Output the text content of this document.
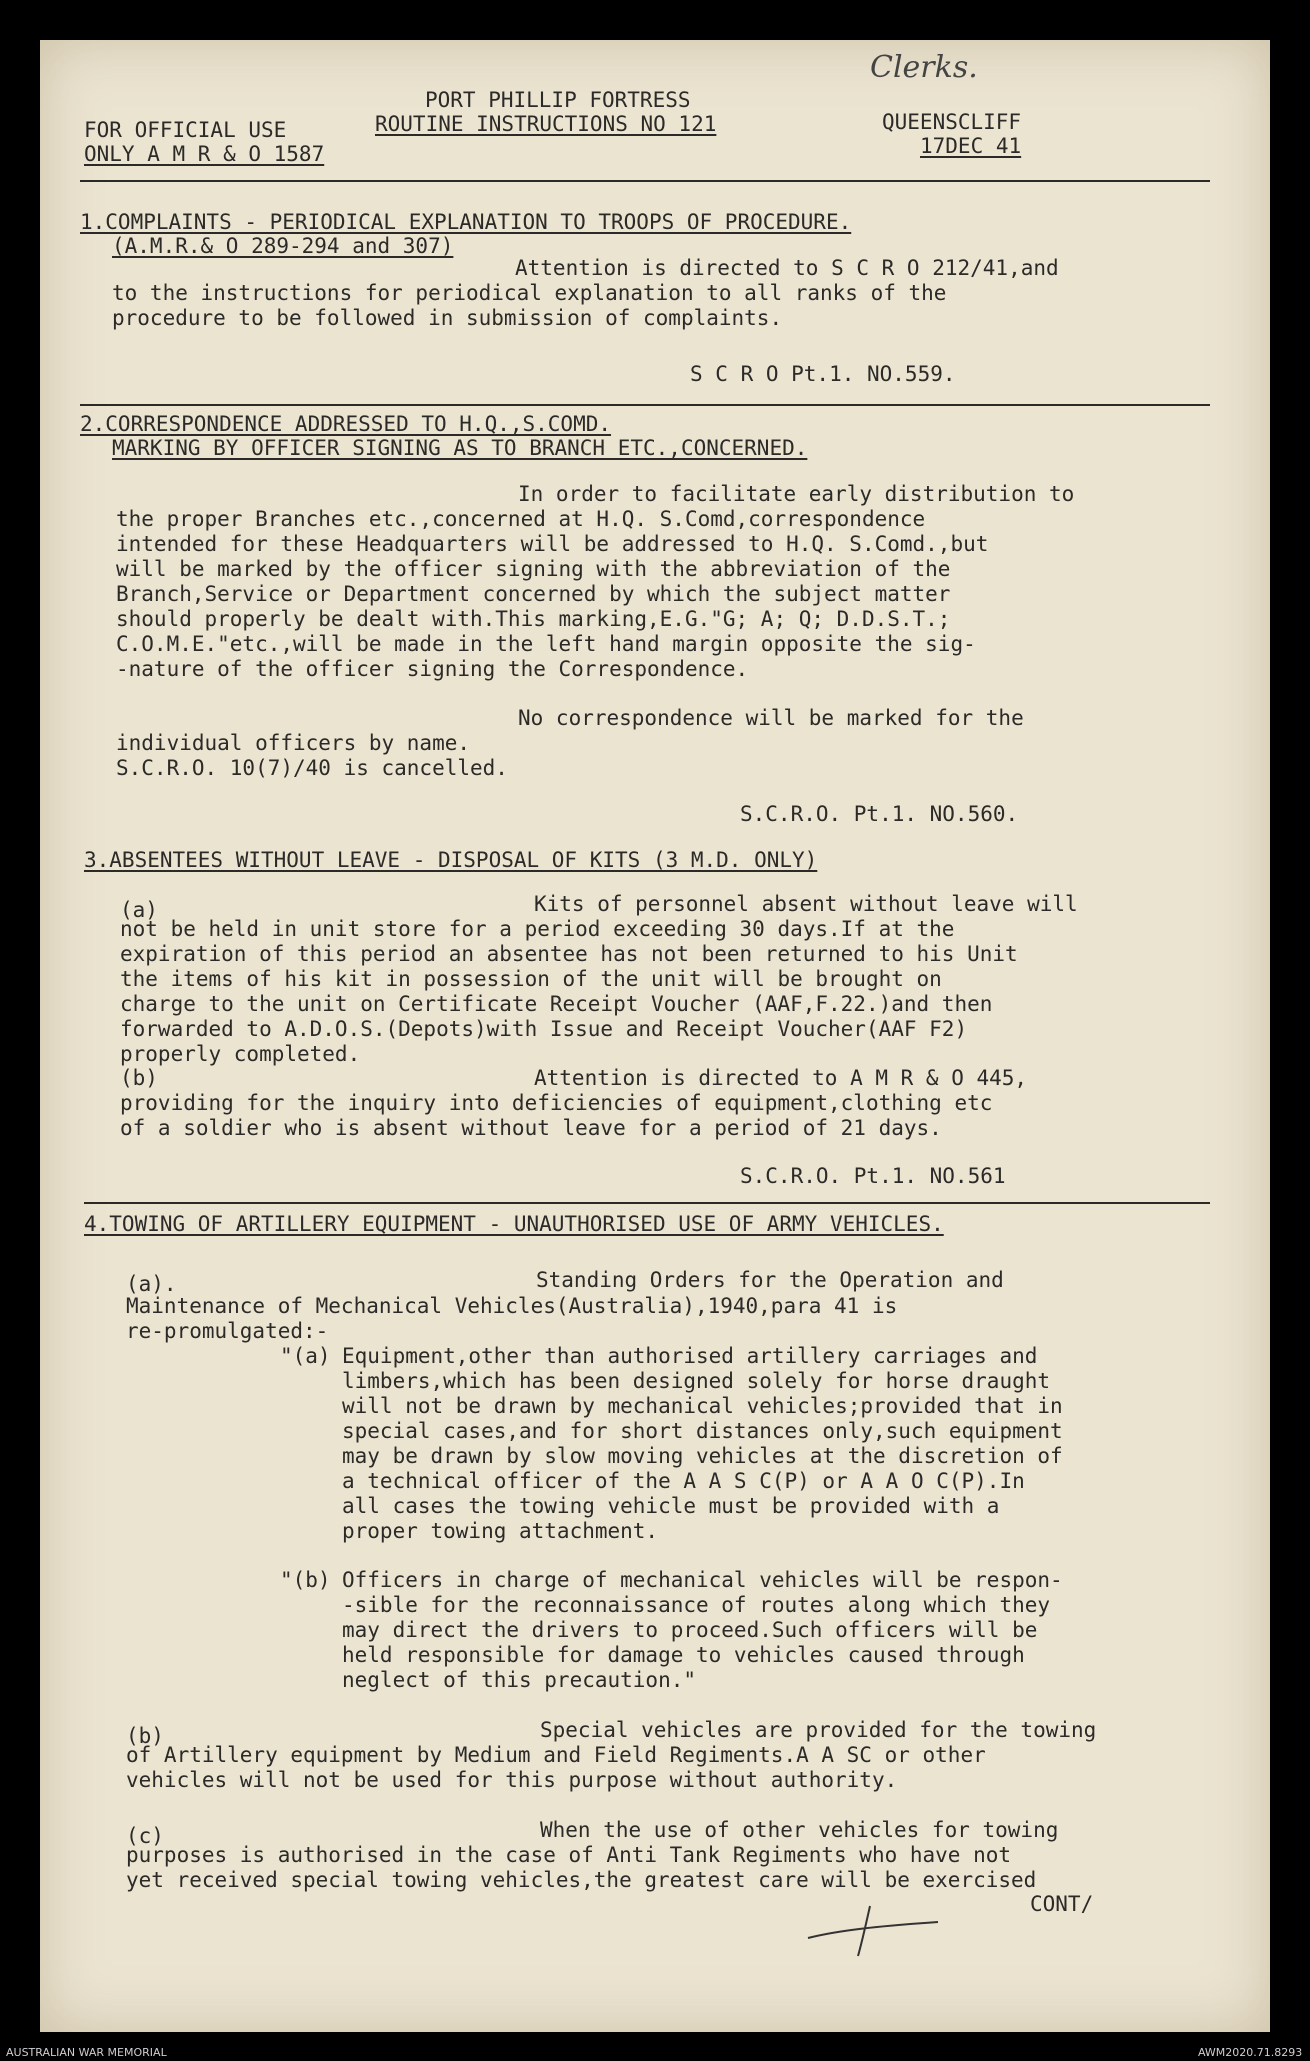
FOR OFFICIAL USE
ONLY A M R & O 1587
PORT PHILLIP FORTRESS
ROUTINE INSTRUCTIONS NO 121	QUEENSCLIFF
17DEC 41
Clerks.
1.COMPLAINTS - PERIODICAL EXPLANATION TO TROOPS OF PROCEDURE.
(A.M.R.& O 289-294 and 307)
Attention is directed to S C R O 212/41,and
to the instructions for periodical explanation to all ranks of the
procedure to be followed in submission of complaints.
S C R O Pt.1. NO.559.
2.CORRESPONDENCE ADDRESSED TO H.Q.,S.COMD.
MARKING BY OFFICER SIGNING AS TO BRANCH ETC.,CONCERNED.
In order to facilitate early distribution to
the proper Branches etc.,concerned at H.Q. S.Comd,correspondence
intended for these Headquarters will be addressed to H.Q. S.Comd.,but
will be marked by the officer signing with the abbreviation of the
Branch,Service or Department concerned by which the subject matter
should properly be dealt with.This marking,E.G."G; A; Q; D.D.S.T.;
C.O.M.E."etc.,will be made in the left hand margin opposite the sig-
-nature of the officer signing the Correspondence.
No correspondence will be marked for the
individual officers by name.
S.C.R.O. 10(7)/40 is cancelled.
S.C.R.O. Pt.1. NO.560.
3.ABSENTEES WITHOUT LEAVE - DISPOSAL OF KITS (3 M.D. ONLY)
(a)	Kits of personnel absent without leave will
not be held in unit store for a period exceeding 30 days.If at the
expiration of this period an absentee has not been returned to his Unit
the items of his kit in possession of the unit will be brought on
charge to the unit on Certificate Receipt Voucher (AAF,F.22.)and then
forwarded to A.D.O.S.(Depots)with Issue and Receipt Voucher(AAF F2)
properly completed.
(b)	Attention is directed to A M R & O 445,
providing for the inquiry into deficiencies of equipment,clothing etc
of a soldier who is absent without leave for a period of 21 days.
S.C.R.O. Pt.1. NO.561
4.TOWING OF ARTILLERY EQUIPMENT - UNAUTHORISED USE OF ARMY VEHICLES.
(a).	Standing Orders for the Operation and
Maintenance of Mechanical Vehicles(Australia),1940,para 41 is
re-promulgated:-
"(a) Equipment,other than authorised artillery carriages and
limbers,which has been designed solely for horse draught
will not be drawn by mechanical vehicles;provided that in
special cases,and for short distances only,such equipment
may be drawn by slow moving vehicles at the discretion of
a technical officer of the A A S C(P) or A A O C(P).In
all cases the towing vehicle must be provided with a
proper towing attachment.
"(b) Officers in charge of mechanical vehicles will be respon-
-sible for the reconnaissance of routes along which they
may direct the drivers to proceed.Such officers will be
held responsible for damage to vehicles caused through
neglect of this precaution."
(b)	Special vehicles are provided for the towing
of Artillery equipment by Medium and Field Regiments.A A SC or other
vehicles will not be used for this purpose without authority.
(c)	When the use of other vehicles for towing
purposes is authorised in the case of Anti Tank Regiments who have not
yet received special towing vehicles,the greatest care will be exercised
CONT/
AUSTRALIAN WAR MEMORIAL	AWM2020.71.8293
